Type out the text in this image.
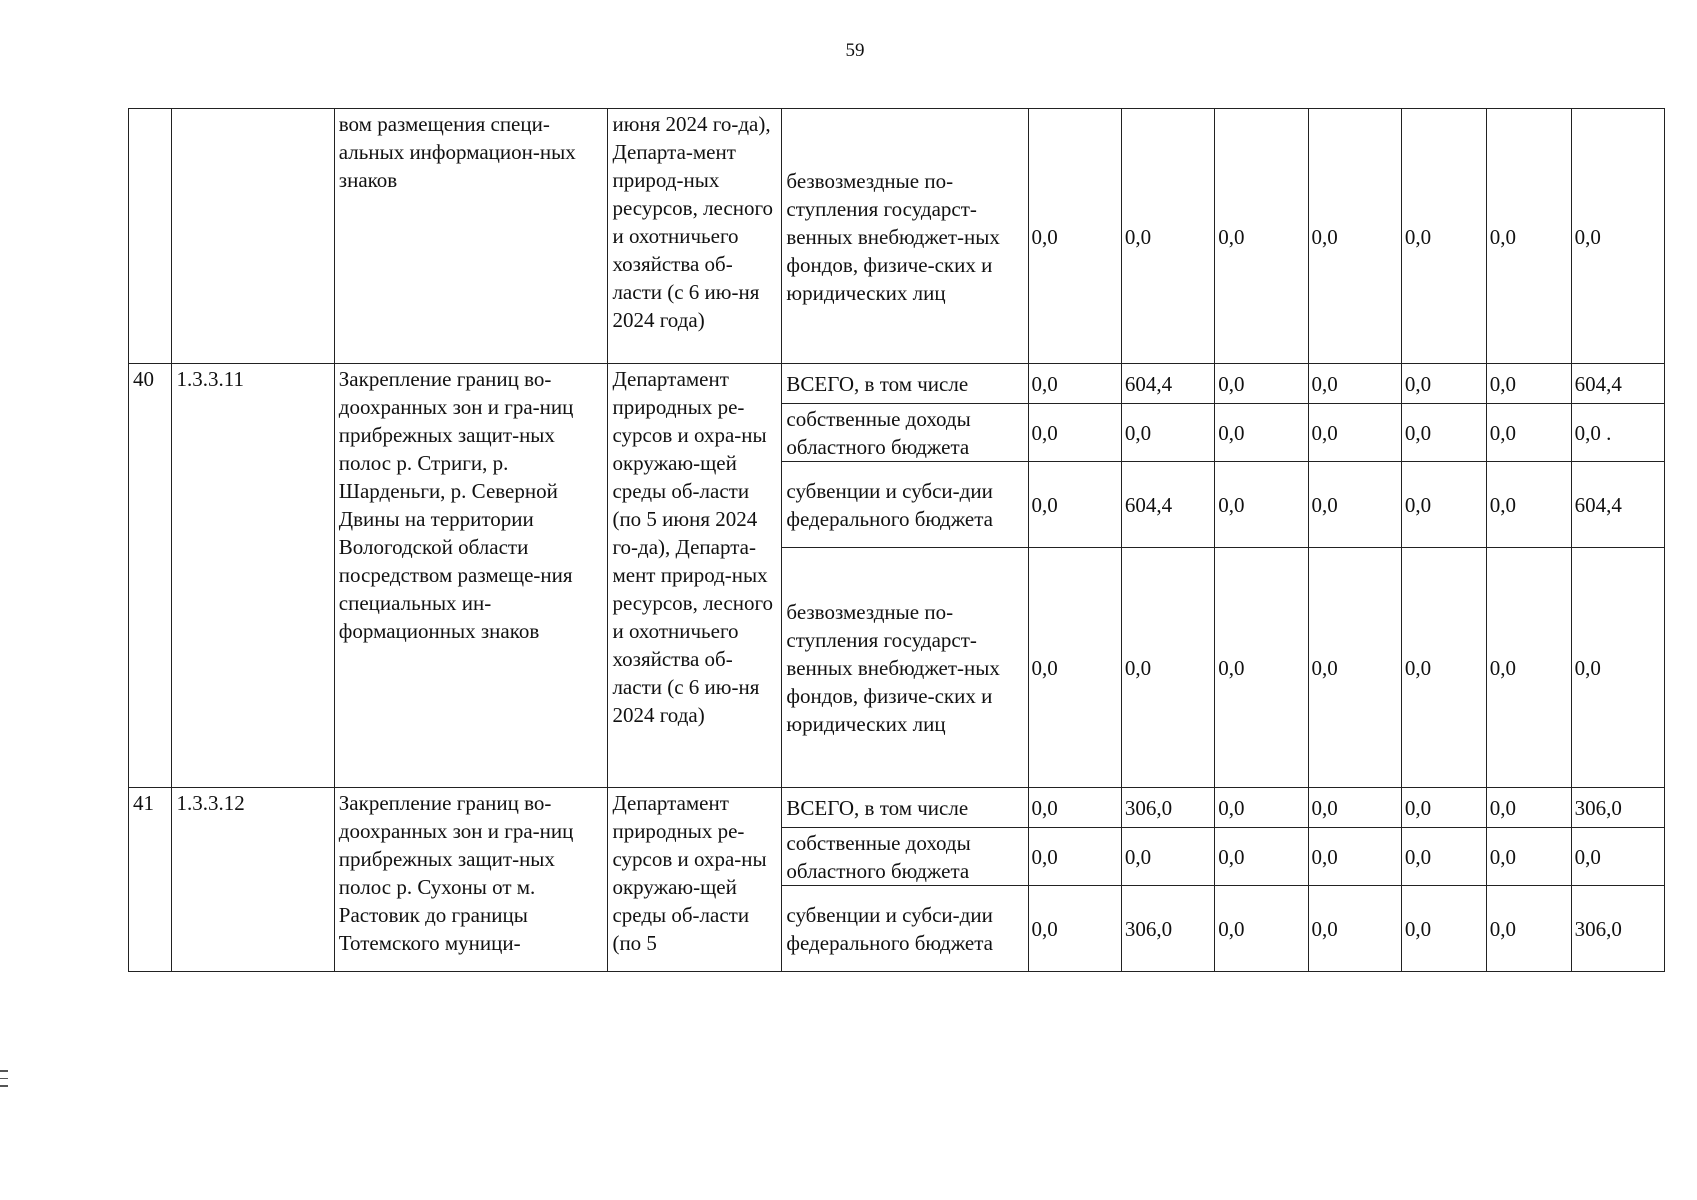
59
		вом размещения специ-альных информацион-ных знаков	июня 2024 го-да), Департа-мент природ-ных ресурсов, лесного и охотничьего хозяйства об-ласти (с 6 ию-ня 2024 года)	безвозмездные по-ступления государст-венных внебюджет-ных фондов, физиче-ских и юридических лиц	0,0	0,0	0,0	0,0	0,0	0,0	0,0
40	1.3.3.11	Закрепление границ во-доохранных зон и гра-ниц прибрежных защит-ных полос р. Стриги, р. Шарденьги, р. Северной Двины на территории Вологодской области посредством размеще-ния специальных ин-формационных знаков	Департамент природных ре-сурсов и охра-ны окружаю-щей среды об-ласти (по 5 июня 2024 го-да), Департа-мент природ-ных ресурсов, лесного и охотничьего хозяйства об-ласти (с 6 ию-ня 2024 года)	ВСЕГО, в том числе	0,0	604,4	0,0	0,0	0,0	0,0	604,4
				собственные доходы областного бюджета	0,0	0,0	0,0	0,0	0,0	0,0	0,0 .
				субвенции и субси-дии федерального бюджета	0,0	604,4	0,0	0,0	0,0	0,0	604,4
				безвозмездные по-ступления государст-венных внебюджет-ных фондов, физиче-ских и юридических лиц	0,0	0,0	0,0	0,0	0,0	0,0	0,0
41	1.3.3.12	Закрепление границ во-доохранных зон и гра-ниц прибрежных защит-ных полос р. Сухоны от м. Растовик до границы Тотемского муници-	Департамент природных ре-сурсов и охра-ны окружаю-щей среды об-ласти (по 5	ВСЕГО, в том числе	0,0	306,0	0,0	0,0	0,0	0,0	306,0
				собственные доходы областного бюджета	0,0	0,0	0,0	0,0	0,0	0,0	0,0
				субвенции и субси-дии федерального бюджета	0,0	306,0	0,0	0,0	0,0	0,0	306,0
